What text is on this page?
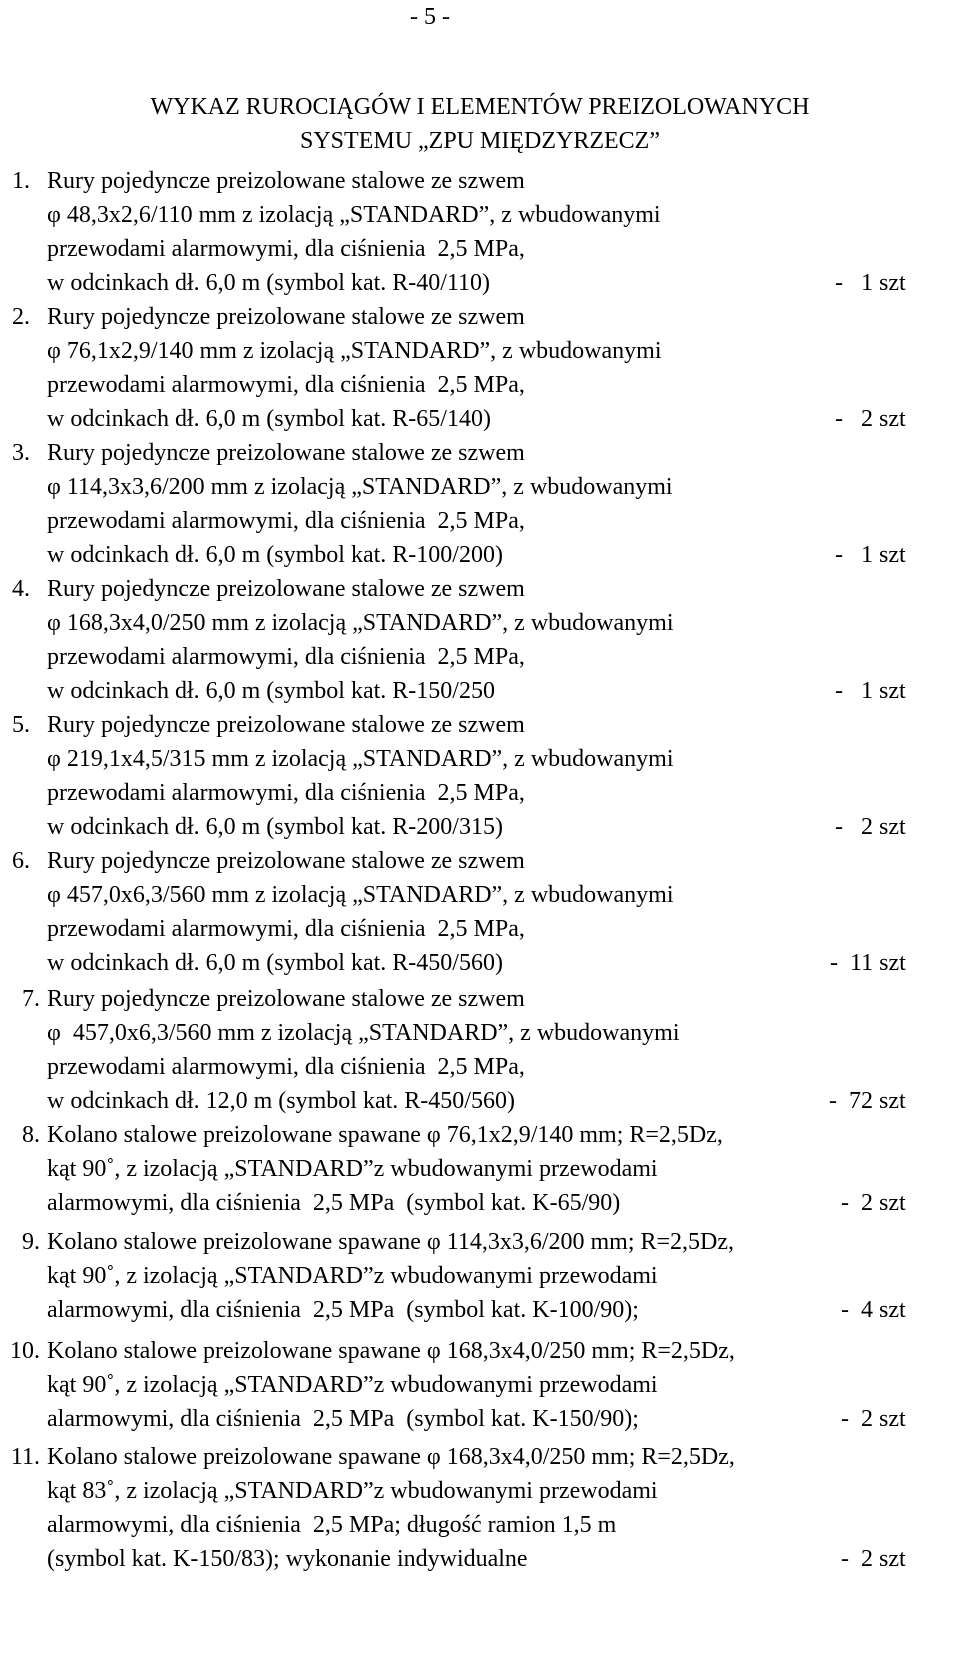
- 5 -
WYKAZ RUROCIĄGÓW I ELEMENTÓW PREIZOLOWANYCH
SYSTEMU „ZPU MIĘDZYRZECZ”
1. Rury pojedyncze preizolowane stalowe ze szwem
φ 48,3x2,6/110 mm z izolacją „STANDARD”, z wbudowanymi
przewodami alarmowymi, dla ciśnienia  2,5 MPa,
w odcinkach dł. 6,0 m (symbol kat. R-40/110)	-   1 szt
2. Rury pojedyncze preizolowane stalowe ze szwem
φ 76,1x2,9/140 mm z izolacją „STANDARD”, z wbudowanymi
przewodami alarmowymi, dla ciśnienia  2,5 MPa,
w odcinkach dł. 6,0 m (symbol kat. R-65/140)	-   2 szt
3. Rury pojedyncze preizolowane stalowe ze szwem
φ 114,3x3,6/200 mm z izolacją „STANDARD”, z wbudowanymi
przewodami alarmowymi, dla ciśnienia  2,5 MPa,
w odcinkach dł. 6,0 m (symbol kat. R-100/200)	-   1 szt
4. Rury pojedyncze preizolowane stalowe ze szwem
φ 168,3x4,0/250 mm z izolacją „STANDARD”, z wbudowanymi
przewodami alarmowymi, dla ciśnienia  2,5 MPa,
w odcinkach dł. 6,0 m (symbol kat. R-150/250	-   1 szt
5. Rury pojedyncze preizolowane stalowe ze szwem
φ 219,1x4,5/315 mm z izolacją „STANDARD”, z wbudowanymi
przewodami alarmowymi, dla ciśnienia  2,5 MPa,
w odcinkach dł. 6,0 m (symbol kat. R-200/315)	-   2 szt
6. Rury pojedyncze preizolowane stalowe ze szwem
φ 457,0x6,3/560 mm z izolacją „STANDARD”, z wbudowanymi
przewodami alarmowymi, dla ciśnienia  2,5 MPa,
w odcinkach dł. 6,0 m (symbol kat. R-450/560)	-  11 szt
7. Rury pojedyncze preizolowane stalowe ze szwem
φ  457,0x6,3/560 mm z izolacją „STANDARD”, z wbudowanymi
przewodami alarmowymi, dla ciśnienia  2,5 MPa,
w odcinkach dł. 12,0 m (symbol kat. R-450/560)	-  72 szt
8. Kolano stalowe preizolowane spawane φ 76,1x2,9/140 mm; R=2,5Dz,
kąt 90˚, z izolacją „STANDARD”z wbudowanymi przewodami
alarmowymi, dla ciśnienia  2,5 MPa  (symbol kat. K-65/90)	-  2 szt
9. Kolano stalowe preizolowane spawane φ 114,3x3,6/200 mm; R=2,5Dz,
kąt 90˚, z izolacją „STANDARD”z wbudowanymi przewodami
alarmowymi, dla ciśnienia  2,5 MPa  (symbol kat. K-100/90);	-  4 szt
10. Kolano stalowe preizolowane spawane φ 168,3x4,0/250 mm; R=2,5Dz,
kąt 90˚, z izolacją „STANDARD”z wbudowanymi przewodami
alarmowymi, dla ciśnienia  2,5 MPa  (symbol kat. K-150/90);	-  2 szt
11. Kolano stalowe preizolowane spawane φ 168,3x4,0/250 mm; R=2,5Dz,
kąt 83˚, z izolacją „STANDARD”z wbudowanymi przewodami
alarmowymi, dla ciśnienia  2,5 MPa; długość ramion 1,5 m
(symbol kat. K-150/83); wykonanie indywidualne	-  2 szt
